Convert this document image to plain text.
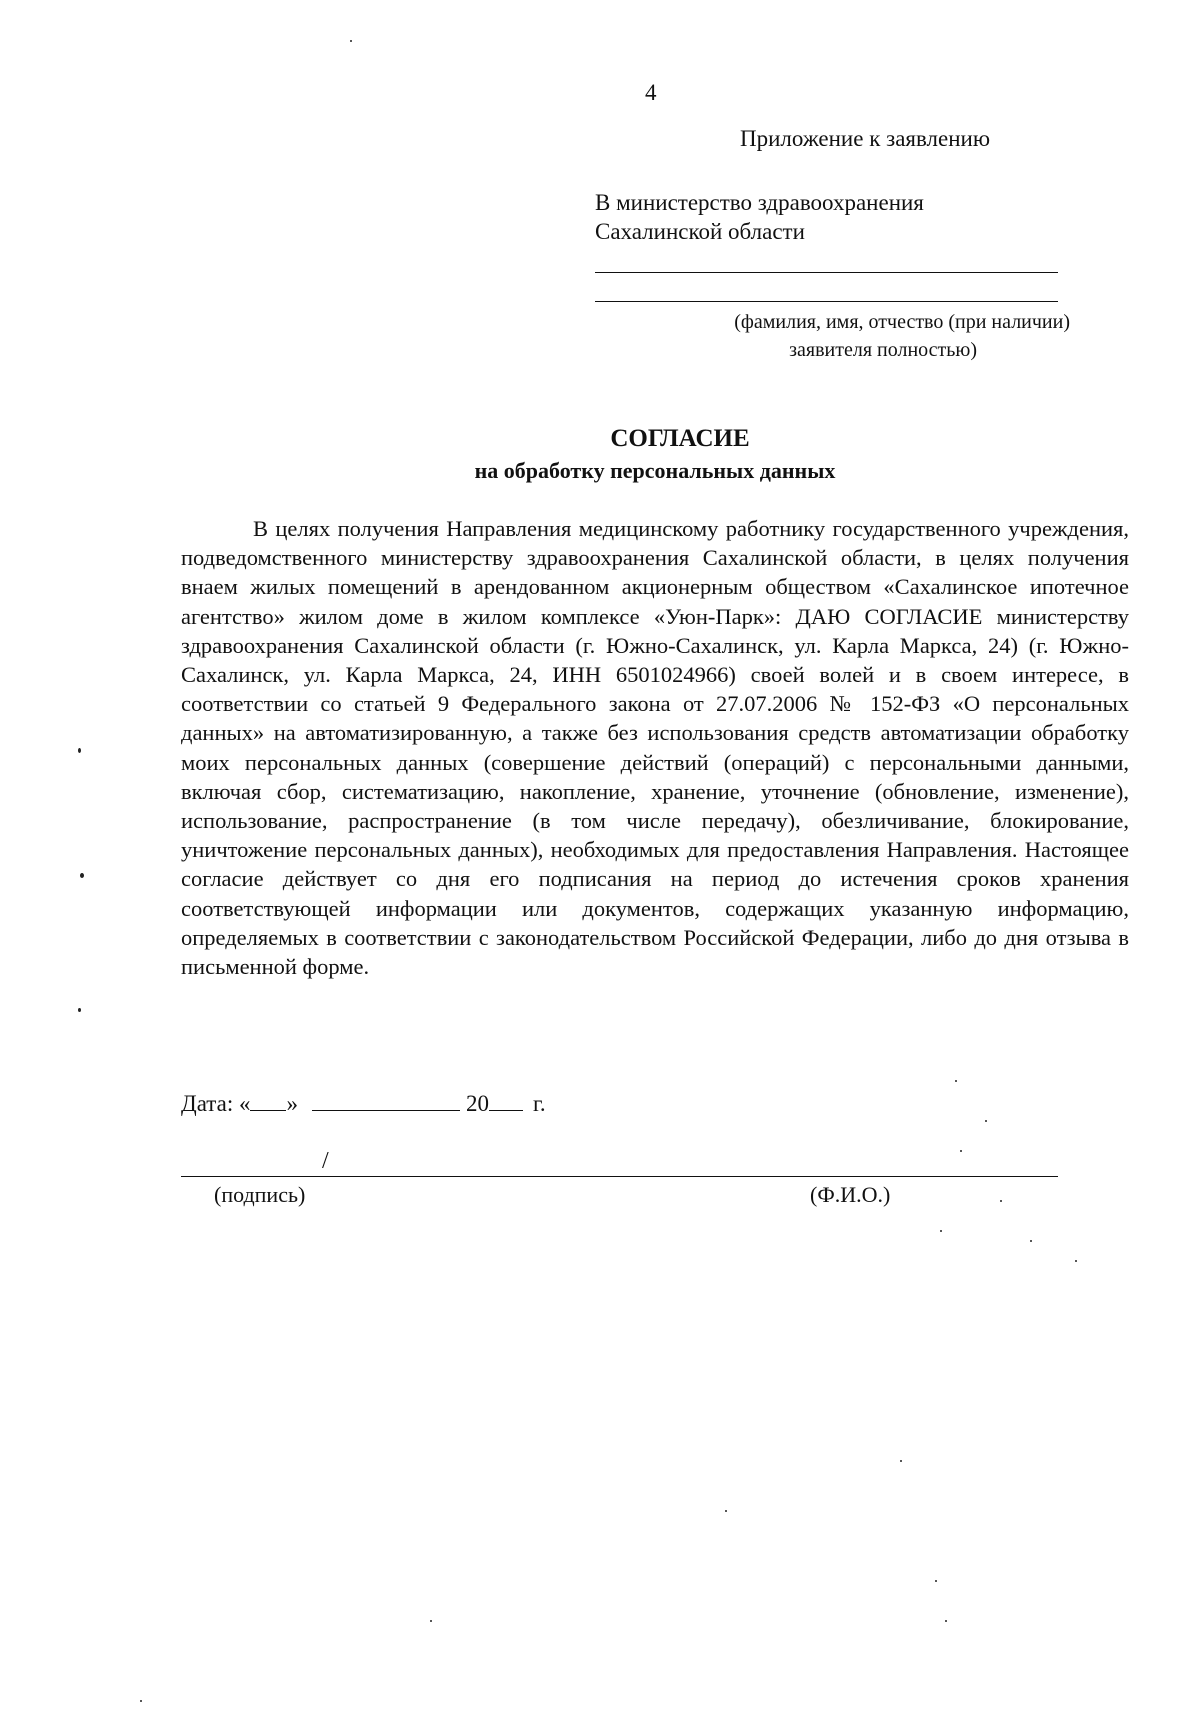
4
Приложение к заявлению
В министерство здравоохранения
Сахалинской области
(фамилия, имя, отчество (при наличии)
заявителя полностью)
СОГЛАСИЕ
на обработку персональных данных

В целях получения Направления медицинскому работнику государственного учреждения, подведомственного министерству здравоохранения Сахалинской области, в целях получения внаем жилых помещений в арендованном акционерным обществом «Сахалинское ипотечное агентство» жилом доме в жилом комплексе «Уюн-Парк»: ДАЮ СОГЛАСИЕ министерству здравоохранения Сахалинской области (г. Южно-Сахалинск, ул. Карла Маркса, 24) (г. Южно-Сахалинск, ул. Карла Маркса, 24, ИНН 6501024966) своей волей и в своем интересе, в соответствии со статьей 9 Федерального закона от 27.07.2006 № 152-ФЗ «О персональных данных» на автоматизированную, а также без использования средств автоматизации обработку моих персональных данных (совершение действий (операций) с персональными данными, включая сбор, систематизацию, накопление, хранение, уточнение (обновление, изменение), использование, распространение (в том числе передачу), обезличивание, блокирование, уничтожение персональных данных), необходимых для предоставления Направления. Настоящее согласие действует со дня его подписания на период до истечения сроков хранения соответствующей информации или документов, содержащих указанную информацию, определяемых в соответствии с законодательством Российской Федерации, либо до дня отзыва в письменной форме.

Дата: « »	20 г.
/
(подпись)	(Ф.И.О.)
